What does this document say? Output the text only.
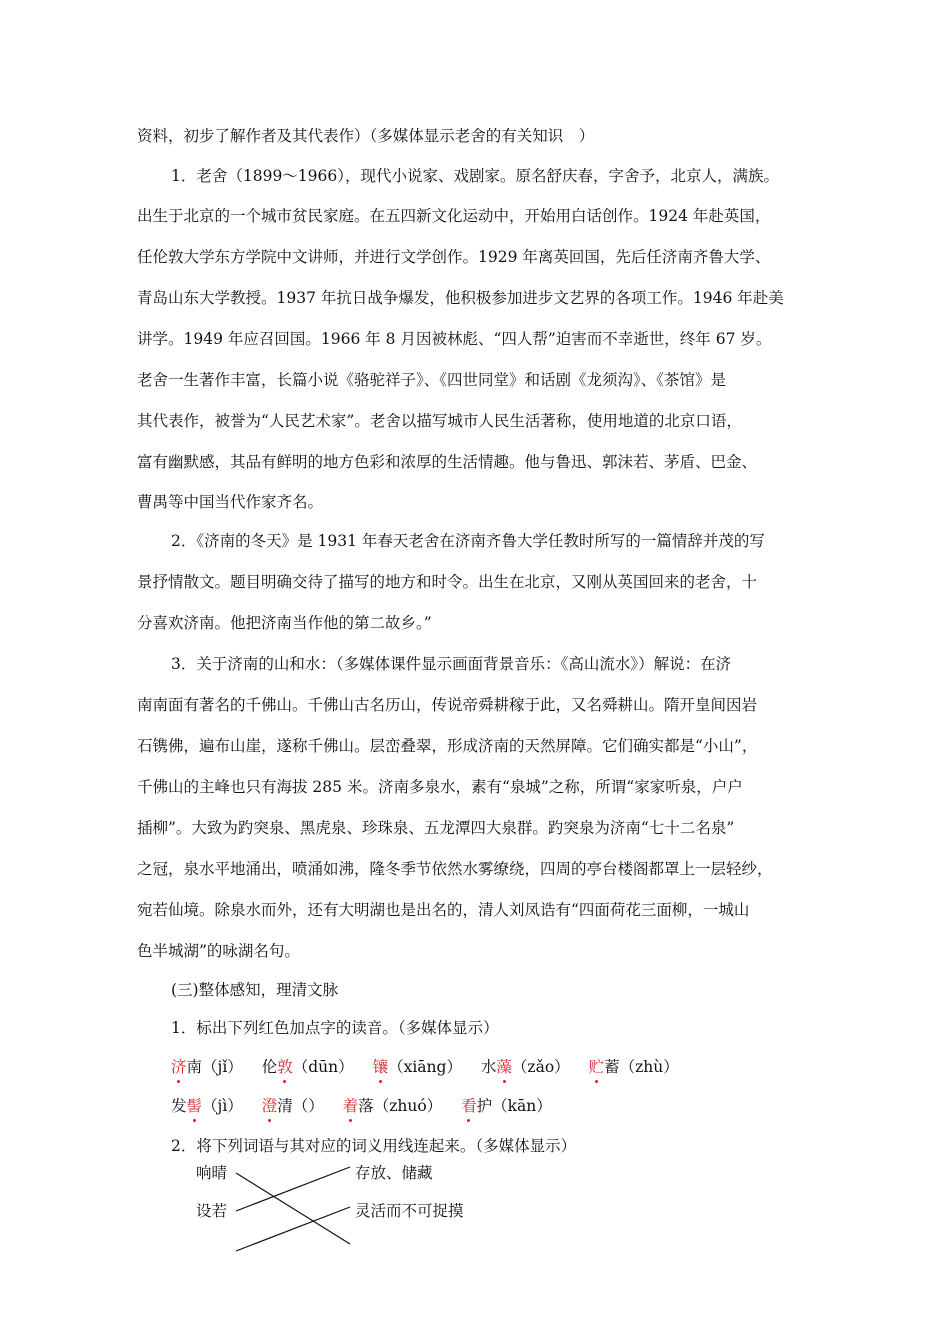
资料，初步了解作者及其代表作）（多媒体显示老舍的有关知识　）
1．老舍（1899～1966），现代小说家、戏剧家。原名舒庆春，字舍予，北京人，满族。
出生于北京的一个城市贫民家庭。在五四新文化运动中，开始用白话创作。1924 年赴英国，
任伦敦大学东方学院中文讲师，并进行文学创作。1929 年离英回国，先后任济南齐鲁大学、
青岛山东大学教授。1937 年抗日战争爆发，他积极参加进步文艺界的各项工作。1946 年赴美
讲学。1949 年应召回国。1966 年 8 月因被林彪、“四人帮”迫害而不幸逝世，终年 67 岁。
老舍一生著作丰富，长篇小说《骆驼祥子》、《四世同堂》和话剧《龙须沟》、《茶馆》是
其代表作，被誉为“人民艺术家”。老舍以描写城市人民生活著称，使用地道的北京口语，
富有幽默感，其品有鲜明的地方色彩和浓厚的生活情趣。他与鲁迅、郭沫若、茅盾、巴金、
曹禺等中国当代作家齐名。
2．《济南的冬天》是 1931 年春天老舍在济南齐鲁大学任教时所写的一篇情辞并茂的写
景抒情散文。题目明确交待了描写的地方和时令。出生在北京，又刚从英国回来的老舍，十
分喜欢济南。他把济南当作他的第二故乡。”
3．关于济南的山和水：（多媒体课件显示画面背景音乐：《高山流水》）解说：在济
南南面有著名的千佛山。千佛山古名历山，传说帝舜耕稼于此，又名舜耕山。隋开皇间因岩
石镌佛，遍布山崖，遂称千佛山。层峦叠翠，形成济南的天然屏障。它们确实都是“小山”，
千佛山的主峰也只有海拔 285 米。济南多泉水，素有“泉城”之称，所谓“家家听泉，户户
插柳”。大致为趵突泉、黑虎泉、珍珠泉、五龙潭四大泉群。趵突泉为济南“七十二名泉”
之冠，泉水平地涌出，喷涌如沸，隆冬季节依然水雾缭绕，四周的亭台楼阁都罩上一层轻纱，
宛若仙境。除泉水而外，还有大明湖也是出名的，清人刘凤诰有“四面荷花三面柳，一城山
色半城湖”的咏湖名句。
(三)整体感知，理清文脉
1．标出下列红色加点字的读音。（多媒体显示）
济南（jǐ） 伦敦（dūn） 镶（xiāng） 水藻（zǎo） 贮蓄（zhù）
发髻（jì） 澄清（） 着落（zhuó） 看护（kān）
2．将下列词语与其对应的词义用线连起来。（多媒体显示）
响晴
设若
存放、储藏
灵活而不可捉摸
